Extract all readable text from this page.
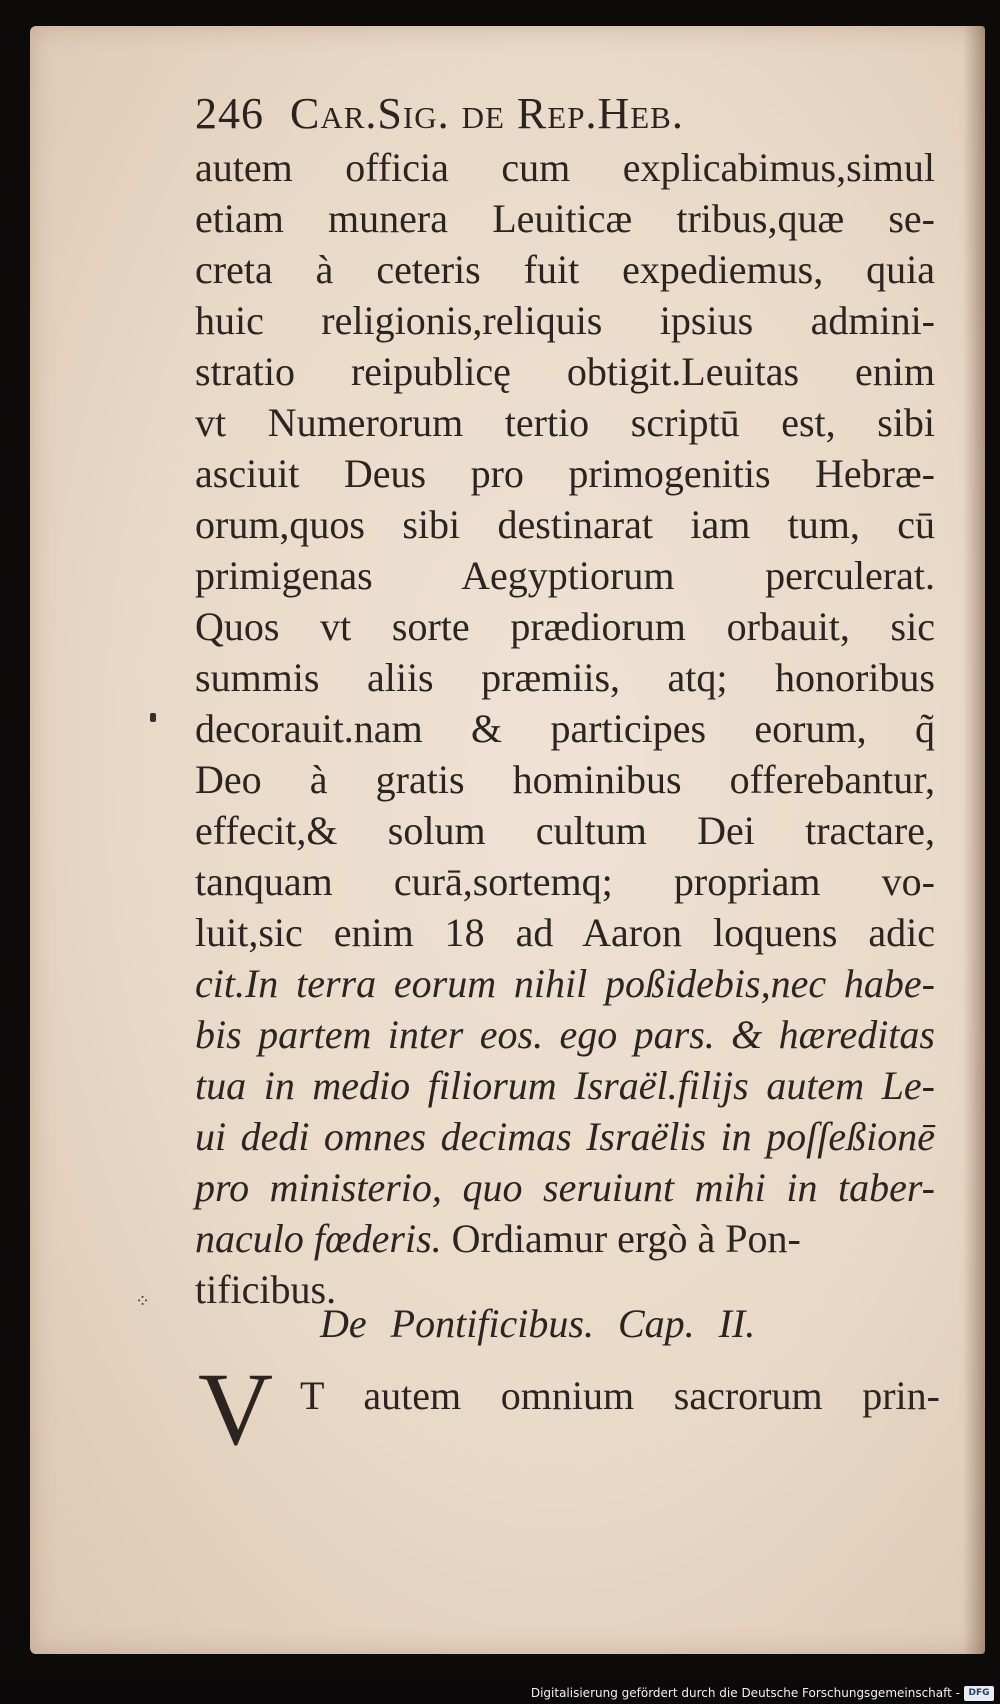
246 Car.Sig. de Rep.Heb.
autem officia cum explicabimus,simul
etiam munera Leuiticæ tribus,quæ se-
creta à ceteris fuit expediemus, quia
huic religionis,reliquis ipsius admini-
stratio reipublicę obtigit.Leuitas enim
vt Numerorum tertio scriptū est, sibi
asciuit Deus pro primogenitis Hebræ-
orum,quos sibi destinarat iam tum, cū
primigenas Aegyptiorum perculerat.
Quos vt sorte prædiorum orbauit, sic
summis aliis præmiis, atq; honoribus
decorauit.nam & participes eorum, q̃
Deo à gratis hominibus offerebantur,
effecit,& solum cultum Dei tractare,
tanquam curā,sortemq; propriam vo-
luit,sic enim 18 ad Aaron loquens adic
cit.In terra eorum nihil poßidebis,nec habe-
bis partem inter eos. ego pars. & hæreditas
tua in medio filiorum Israël.filijs autem Le-
ui dedi omnes decimas Israëlis in poſſeßionē
pro ministerio, quo seruiunt mihi in taber-
naculo fœderis. Ordiamur ergò à Pon-
tificibus.
De Pontificibus. Cap. II.
V T autem omnium sacrorum prin-
⁘
Digitalisierung gefördert durch die Deutsche Forschungsgemeinschaft - DFG
